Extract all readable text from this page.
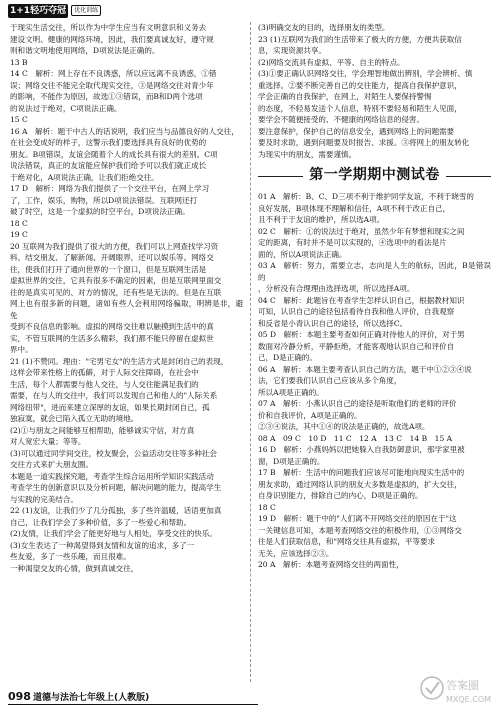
1+1轻巧夺冠	优化训练

于现实生活交往，所以作为中学生应当有文明意识和义务去

建设文明、健康的网络环境，因此，我们要真诚友好，遵守规

则和谐文明地使用网络，D项说法是正确的。

13 B

14 C　解析：网上存在不良诱惑，所以应远离不良诱惑，①错

误；网络交往不能完全取代现实交往，③是网络交往对青少年

的影响，不能作为原因，故选①③错误，而B和D两个选项

的说法过于绝对，C项说法正确。

15 C

16 A　解析：题干中古人的话说明，我们应当与品德良好的人交往，

在社会变成好的样子，这警示我们要选择具有良好的优势的

朋友。B项错误，友谊会随着个人的成长具有很大的差别。C项

说法错误，真正的友谊能应保护我们给予可以我们就正成长

于绝对化，A项说法正确，让我们拒绝交往。

17 D　解析：网络为我们提供了一个交往平台，在网上学习

了，工作，娱乐，购物，所以D项说法错误。互联网还打

破了时空，这是一个虚拟的时空平台，D项说法正确。

18 C

19 C

20 互联网为我们提供了很大的方便，我们可以上网查找学习资

料、结交朋友、了解新闻、开阔眼界，还可以娱乐等。网络交

往，使我们打开了通向世界的一个窗口，但是互联网生活是

虚拟世界的交往，它具有很多不确定的因素，但是互联网里面交

往的是真实可见的、对方的情况，还有些是无法的。但是在互联

网上也有很多新的问题，诸如有些人会利用网络骗取，明辨是非，避免

受到不良信息的影响。虚拟的网络交往难以触摸到生活中的真

实，不管互联网的生活多么精彩，我们都不能只停留在虚拟世

界中。

21 (1)不赞同。理由："宅男宅女"的生活方式是封闭自己的表现，

这样会带来性格上的孤僻，对于人际交往障碍，在社会中

生活，每个人都需要与他人交往，与人交往能满足我们的

需要，在与人的交往中，我们可以发现自己和他人的"人际关系

网络纽带"，进而来建立深厚的友谊，如果长期封闭自己，孤

独寂寞，就会已陷入孤立无助的境地。

(2)①与朋友之间能够互相帮助，能够诚实守信，对方真

对人宽宏大量；等等。

(3)可以通过同学间交往，校友聚会，公益活动交往等多种社会

交往方式来扩大朋友圈。

本题是一道实践探究题，考查学生综合运用所学知识实践活动

考查学生的创新意识以及分析问题，解决问题的能力，提高学生

与实践的完美结合。

22 (1)友谊，让我们少了几分孤独，多了些许温暖，话语更加真

自己，让我们学会了多种价值，多了一些爱心和帮助。

(2)友情，让我们学会了能更好地与人相处，享受交往的快乐。

(3)女生表达了一种渴望得到友情和友谊的追求，多了一

些友爱，多了一些乐趣，而且很难。

一种渴望交友的心情，做到真诚交往，

(3)明确交友的目的，选择朋友的类型。

23 (1)互联网为我们的生活带来了极大的方便，方便共获取信

息，实现资源共享。

(2)网络交流具有虚拟、平等、自主的特点。

(3)①要正确认识网络交往，学会理智地做出辨别，学会辨析、慎

重选择。②要不断完善自己的交往能力，提高自我保护意识，

学会正确的自我保护，在网上，对陌生人要保持警惕

的态度，不轻易发送个人信息，特别不要轻易和陌生人见面，

要学会不随便接受的、不健康的网络信息的侵害。

要注意保护，保护自己的信息安全，遇到网络上的问题需要

要及时求助，遇到问题要及时报告、求援。③将网上的朋友转化

为现实中的朋友，需要谨慎。

第一学期期中测试卷

01 A　解析：B、C、D三项不利于维护同学友谊，不利于晓雪的

良好发展，B项体现不理解和信任，A项不利于改正自己，

且不利于于友谊的维护，所以选A项。

02 C　解析：①的说法过于绝对，虽然少年有梦想和现实之间

定的距离，有时并不是可以实现的，④选项中的看法是片

面的，所以A项说法正确。

03 A　解析：努力，需要立志，志向是人生的航标，因此，B是错误的

，分析没有合理理由选择选项，所以选择A项。

04 C　解析：此题旨在考查学生怎样认识自己，根据教材知识

可知，认识自己的途径包括看待自我和他人评价，自我观察

和反省是小青认识自己的途径，所以选择C。

05 D　解析：本题主要考查如何正确对待他人的评价，对于男

数面对冷静分析，平静拒绝，才能客观地认识自己和评价自

己，D是正确的。

06 A　解析：本题主要考查认识自己的方法，题干中①②③④说

法，它们要我们认识自己应该从多个角度，

所以A项是正确的。

07 A　解析：小燕认识自己的途径是听取他们的老师的评价

价和自我评价，A项是正确的。

②③④说法，其中①④的说法是正确的，故选A项。

08 A　09 C　10 D　11 C　12 A　13 C　14 B　15 A

16 D　解析：小燕妈妈以把她躲入自我防御意识，那学家里被

窗，D项是正确的。

17 B　解析：生活中的问题我们应该尽可能地向现实生活中的

朋友求助，通过网络认识的朋友大多数是虚拟的，扩大交往，

自身识别能力，排除自己的内心，D项是正确的。

18 C

19 D　解析：题干中的"人们离不开网络交往的原因在于"这

一关键信息可知，本题考查网络交往的积极作用，①③网络交

往是人们获取信息，和"网络交往具有虚拟，平等要求

无关，应该选择②③。

20 A　解析：本题考查网络交往的两面性，

098 道德与法治七年级上(人教版)
答案圈
MXQE.COM
